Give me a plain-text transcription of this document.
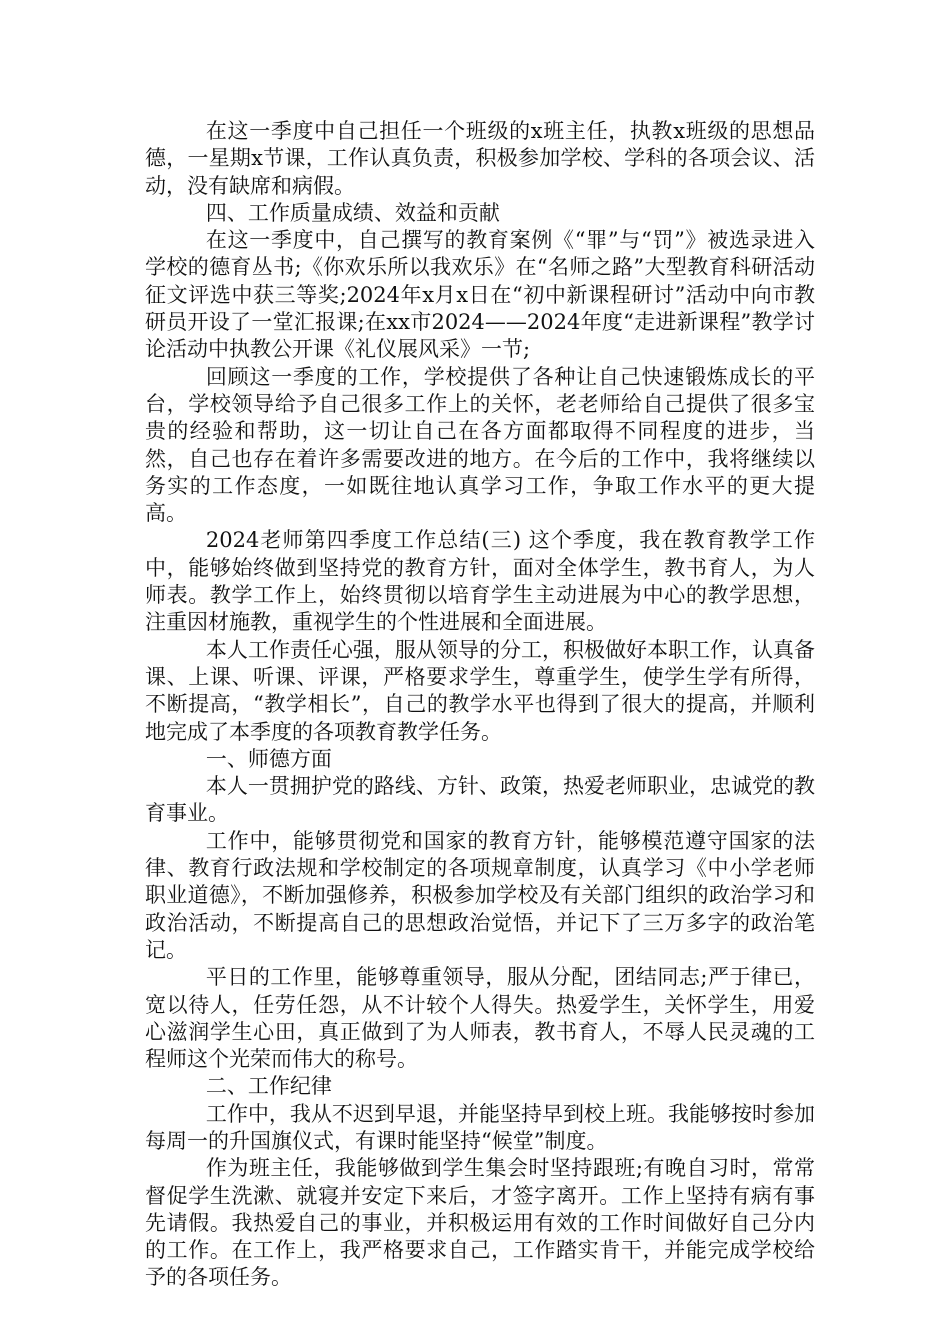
在这一季度中自己担任一个班级的x班主任，执教x班级的思想品德，一星期x节课，工作认真负责，积极参加学校、学科的各项会议、活动，没有缺席和病假。

四、工作质量成绩、效益和贡献

在这一季度中，自己撰写的教育案例《“罪”与“罚”》被选录进入学校的德育丛书;《你欢乐所以我欢乐》在“名师之路”大型教育科研活动征文评选中获三等奖;2024年x月x日在“初中新课程研讨”活动中向市教研员开设了一堂汇报课;在xx市2024——2024年度“走进新课程”教学讨论活动中执教公开课《礼仪展风采》一节;

回顾这一季度的工作，学校提供了各种让自己快速锻炼成长的平台，学校领导给予自己很多工作上的关怀，老老师给自己提供了很多宝贵的经验和帮助，这一切让自己在各方面都取得不同程度的进步，当然，自己也存在着许多需要改进的地方。在今后的工作中，我将继续以务实的工作态度，一如既往地认真学习工作，争取工作水平的更大提高。

2024老师第四季度工作总结(三) 这个季度，我在教育教学工作中，能够始终做到坚持党的教育方针，面对全体学生，教书育人，为人师表。教学工作上，始终贯彻以培育学生主动进展为中心的教学思想，注重因材施教，重视学生的个性进展和全面进展。

本人工作责任心强，服从领导的分工，积极做好本职工作，认真备课、上课、听课、评课，严格要求学生，尊重学生，使学生学有所得，不断提高，“教学相长”，自己的教学水平也得到了很大的提高，并顺利地完成了本季度的各项教育教学任务。

一、师德方面

本人一贯拥护党的路线、方针、政策，热爱老师职业，忠诚党的教育事业。

工作中，能够贯彻党和国家的教育方针，能够模范遵守国家的法律、教育行政法规和学校制定的各项规章制度，认真学习《中小学老师职业道德》，不断加强修养，积极参加学校及有关部门组织的政治学习和政治活动，不断提高自己的思想政治觉悟，并记下了三万多字的政治笔记。

平日的工作里，能够尊重领导，服从分配，团结同志;严于律已，宽以待人，任劳任怨，从不计较个人得失。热爱学生，关怀学生，用爱心滋润学生心田，真正做到了为人师表，教书育人，不辱人民灵魂的工程师这个光荣而伟大的称号。

二、工作纪律

工作中，我从不迟到早退，并能坚持早到校上班。我能够按时参加每周一的升国旗仪式，有课时能坚持“候堂”制度。

作为班主任，我能够做到学生集会时坚持跟班;有晚自习时，常常督促学生洗漱、就寝并安定下来后，才签字离开。工作上坚持有病有事先请假。我热爱自己的事业，并积极运用有效的工作时间做好自己分内的工作。在工作上，我严格要求自己，工作踏实肯干，并能完成学校给予的各项任务。
